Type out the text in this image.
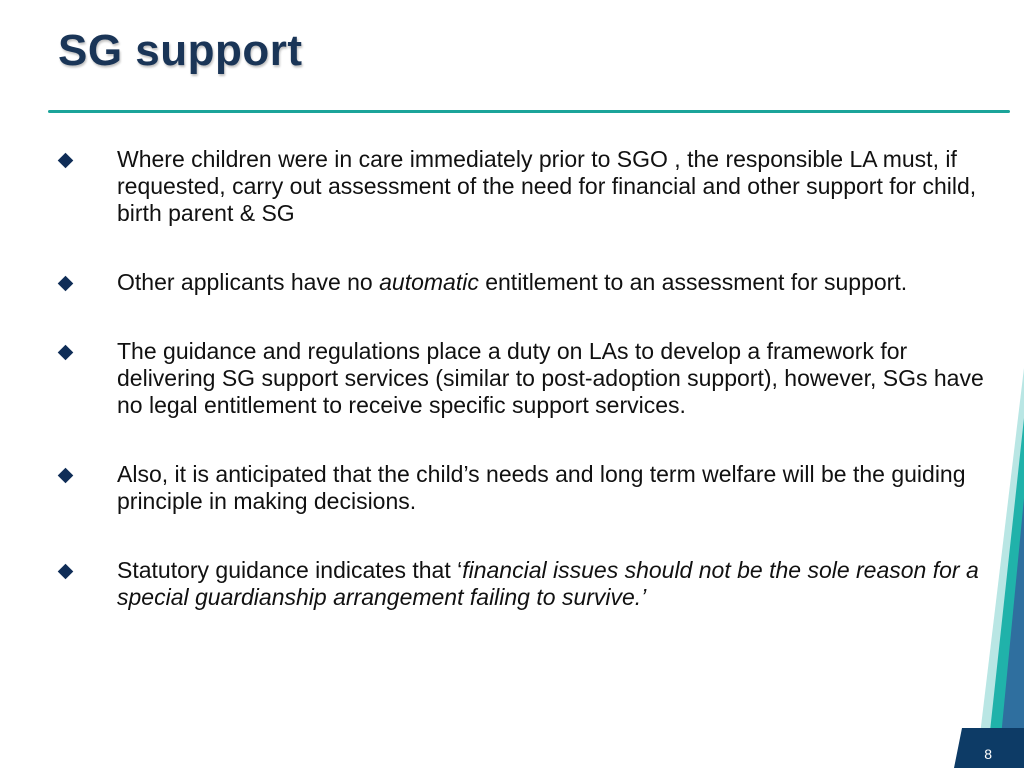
SG support
Where children were in care immediately prior to SGO , the responsible LA must, if requested, carry out assessment of the need for financial and other support for child, birth parent & SG
Other applicants have no automatic entitlement to an assessment for support.
The guidance and regulations place a duty on LAs to develop a framework for delivering SG support services (similar to post-adoption support), however, SGs have no legal entitlement to receive specific support services.
Also, it is anticipated that the child’s needs and long term welfare will be the guiding principle in making decisions.
Statutory guidance indicates that ‘financial issues should not be the sole reason for a special guardianship arrangement failing to survive.’
8
